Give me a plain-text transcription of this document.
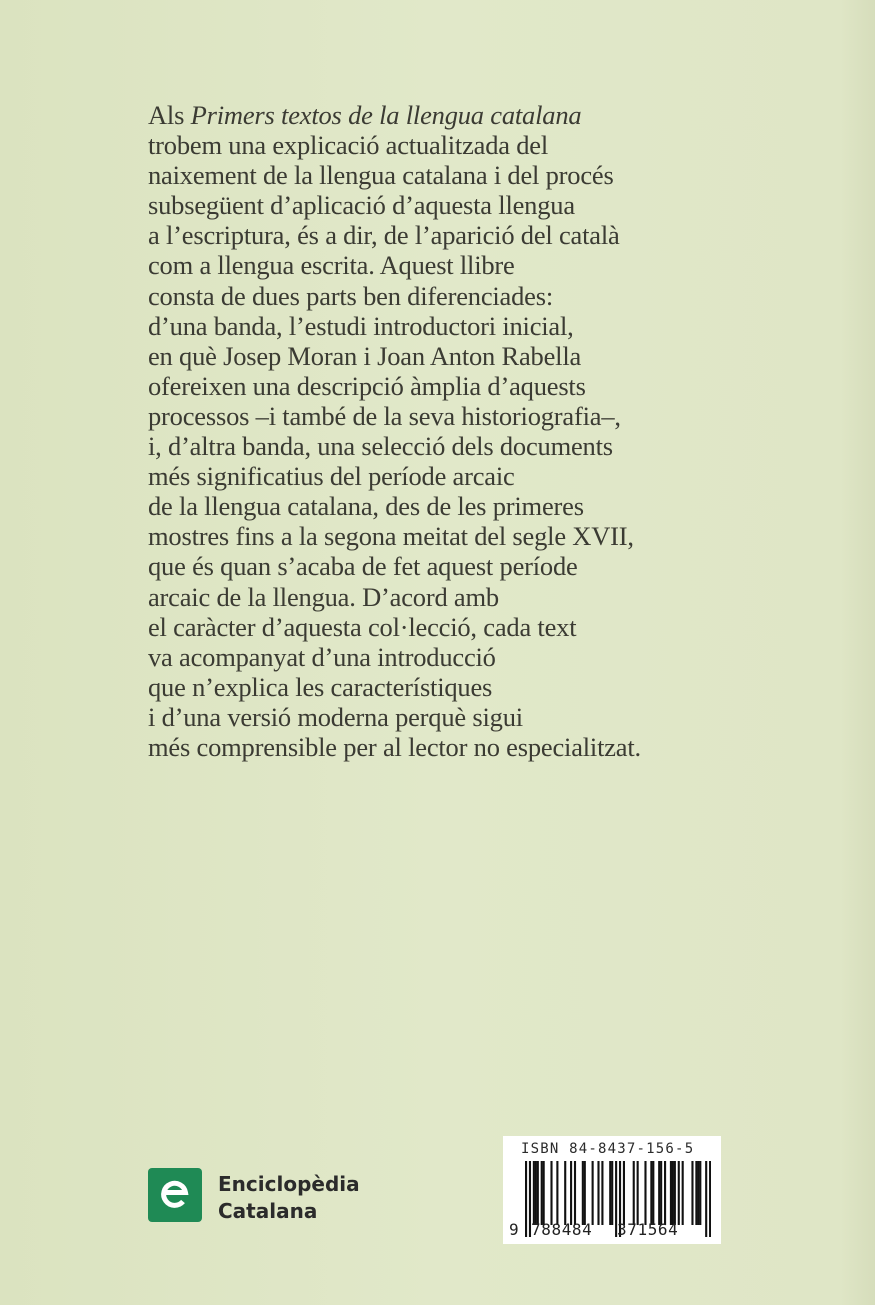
Als Primers textos de la llengua catalana
trobem una explicació actualitzada del
naixement de la llengua catalana i del procés
subsegüent d’aplicació d’aquesta llengua
a l’escriptura, és a dir, de l’aparició del català
com a llengua escrita. Aquest llibre
consta de dues parts ben diferenciades:
d’una banda, l’estudi introductori inicial,
en què Josep Moran i Joan Anton Rabella
ofereixen una descripció àmplia d’aquests
processos –i també de la seva historiografia–,
i, d’altra banda, una selecció dels documents
més significatius del període arcaic
de la llengua catalana, des de les primeres
mostres fins a la segona meitat del segle XVII,
que és quan s’acaba de fet aquest període
arcaic de la llengua. D’acord amb
el caràcter d’aquesta col·lecció, cada text
va acompanyat d’una introducció
que n’explica les característiques
i d’una versió moderna perquè sigui
més comprensible per al lector no especialitzat.
Enciclopèdia
Catalana
ISBN 84-8437-156-5
9 788484 371564
